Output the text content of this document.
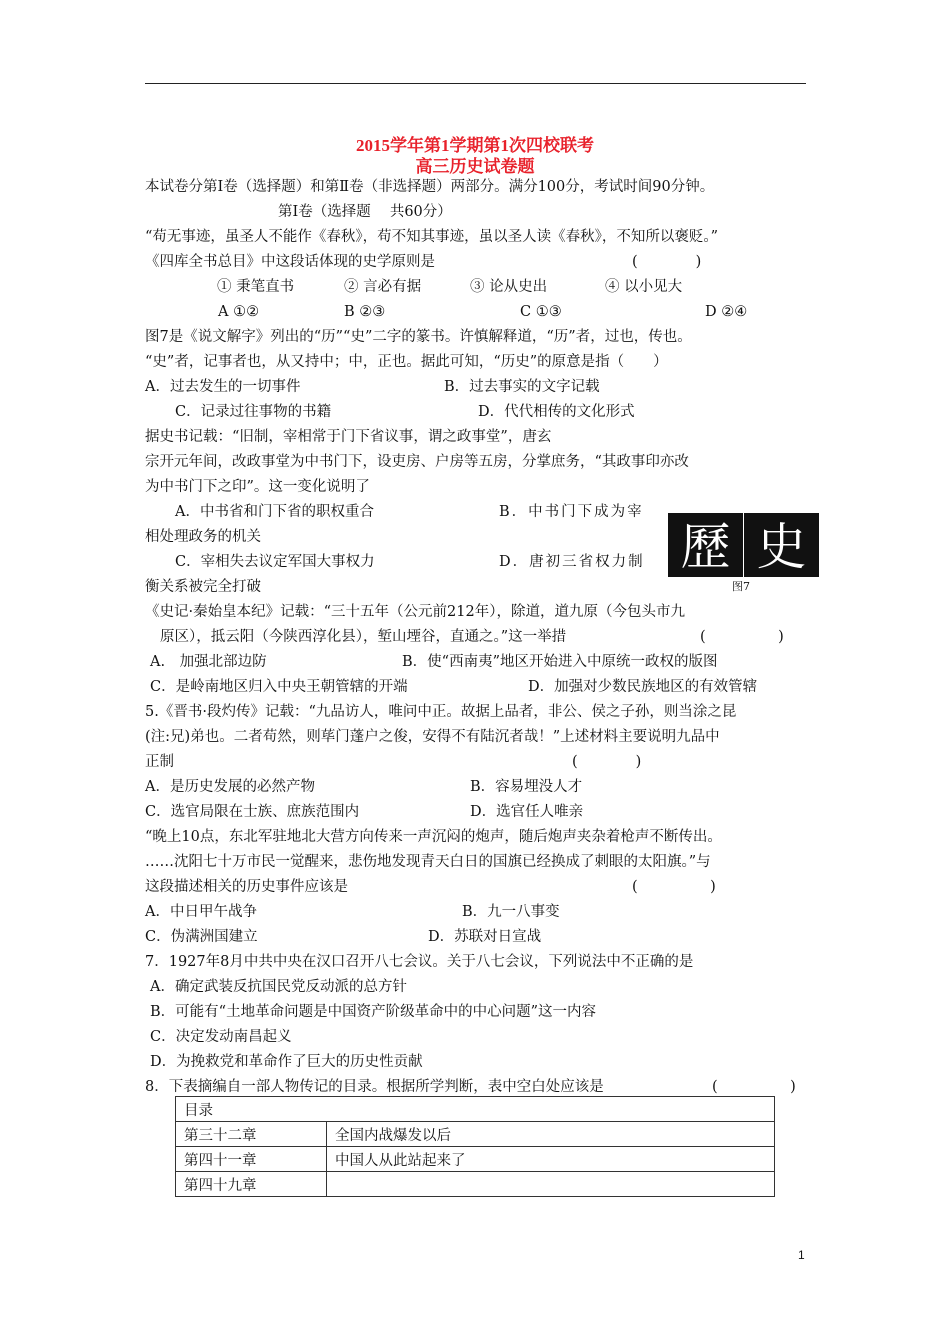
2015学年第1学期第1次四校联考
高三历史试卷题
本试卷分第Ⅰ卷（选择题）和第Ⅱ卷（非选择题）两部分。满分100分，考试时间90分钟。
第Ⅰ卷（选择题　 共60分）
“苟无事迹，虽圣人不能作《春秋》，苟不知其事迹，虽以圣人读《春秋》，不知所以褒贬。”
《四库全书总目》中这段话体现的史学原则是	(　　　　)
① 秉笔直书	② 言必有据	③ 论从史出	④ 以小见大
A ①②	B ②③	C ①③	D ②④
图7是《说文解字》列出的“历”“史”二字的篆书。许慎解释道，“历”者，过也，传也。
“史”者，记事者也，从又持中；中，正也。据此可知，“历史”的原意是指（　　）
A．过去发生的一切事件	B．过去事实的文字记载
C．记录过往事物的书籍	D．代代相传的文化形式
据史书记载：“旧制，宰相常于门下省议事，谓之政事堂”，唐玄
宗开元年间，改政事堂为中书门下，设吏房、户房等五房，分掌庶务，“其政事印亦改
为中书门下之印”。这一变化说明了
A．中书省和门下省的职权重合	B．中书门下成为宰
相处理政务的机关
C．宰相失去议定军国大事权力	D．唐初三省权力制
衡关系被完全打破
歷 史
图7
《史记·秦始皇本纪》记载：“三十五年（公元前212年），除道，道九原（今包头市九
原区），抵云阳（今陕西淳化县），堑山堙谷，直通之。”这一举措	(　　　　　)
A.　加强北部边防	B．使“西南夷”地区开始进入中原统一政权的版图
C．是岭南地区归入中央王朝管辖的开端	D．加强对少数民族地区的有效管辖
5.《晋书·段灼传》记载：“九品访人，唯问中正。故据上品者，非公、侯之子孙，则当涂之昆
(注:兄)弟也。二者苟然，则荜门蓬户之俊，安得不有陆沉者哉！”上述材料主要说明九品中
正制	(　　　　)
A．是历史发展的必然产物	B．容易埋没人才
C．选官局限在士族、庶族范围内	D．选官任人唯亲
“晚上10点，东北军驻地北大营方向传来一声沉闷的炮声，随后炮声夹杂着枪声不断传出。
……沈阳七十万市民一觉醒来，悲伤地发现青天白日的国旗已经换成了刺眼的太阳旗。”与
这段描述相关的历史事件应该是	(　　　　　)
A．中日甲午战争	B．九一八事变
C．伪满洲国建立	D．苏联对日宣战
7．1927年8月中共中央在汉口召开八七会议。关于八七会议，下列说法中不正确的是
A．确定武装反抗国民党反动派的总方针
B．可能有“土地革命问题是中国资产阶级革命中的中心问题”这一内容
C．决定发动南昌起义
D．为挽救党和革命作了巨大的历史性贡献
8．下表摘编自一部人物传记的目录。根据所学判断，表中空白处应该是	(　　　　　)
目录	
第三十二章	全国内战爆发以后
第四十一章	中国人从此站起来了
第四十九章	
1
